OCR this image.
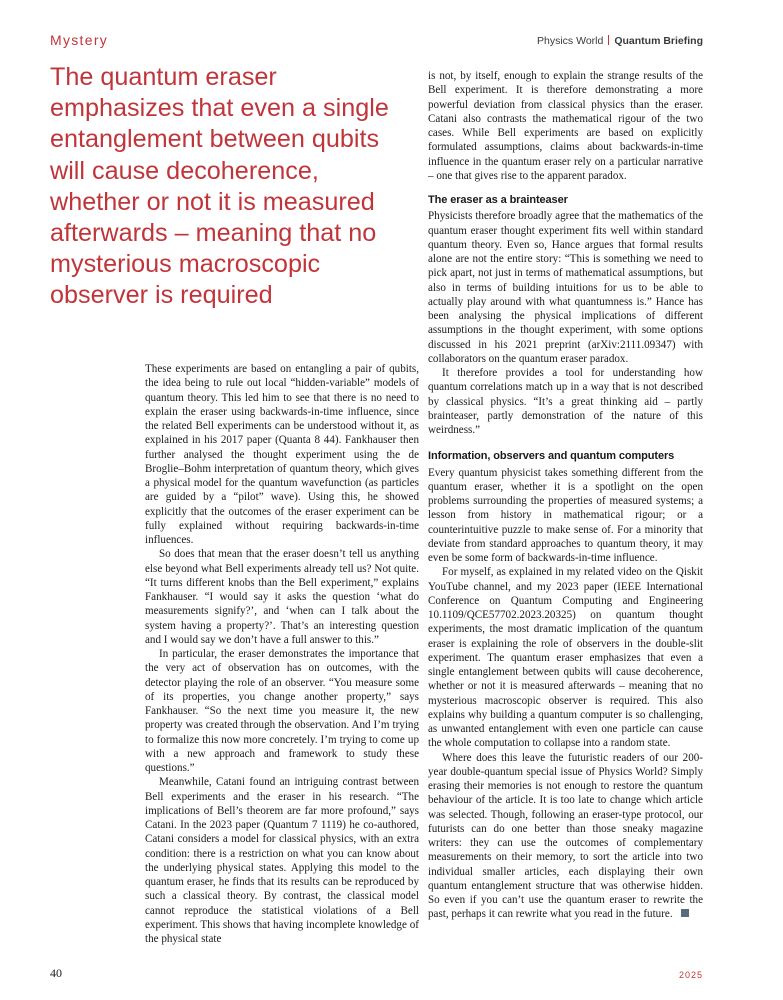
Mystery	Physics World Quantum Briefing
The quantum eraser emphasizes that even a single entanglement between qubits will cause decoherence, whether or not it is measured afterwards – meaning that no mysterious macroscopic observer is required

These experiments are based on entangling a pair of qubits, the idea being to rule out local “hidden-variable” models of quantum theory. This led him to see that there is no need to explain the eraser using backwards-in-time influence, since the related Bell experiments can be understood without it, as explained in his 2017 paper (Quanta 8 44). Fankhauser then further analysed the thought experiment using the de Broglie–Bohm interpretation of quantum theory, which gives a physical model for the quantum wavefunction (as particles are guided by a “pilot” wave). Using this, he showed explicitly that the outcomes of the eraser experiment can be fully explained without requiring backwards-in-time influences.

So does that mean that the eraser doesn’t tell us anything else beyond what Bell experiments already tell us? Not quite. “It turns different knobs than the Bell experiment,” explains Fankhauser. “I would say it asks the question ‘what do measurements signify?’, and ‘when can I talk about the system having a property?’. That’s an interesting question and I would say we don’t have a full answer to this.”

In particular, the eraser demonstrates the importance that the very act of observation has on outcomes, with the detector playing the role of an observer. “You measure some of its properties, you change another property,” says Fankhauser. “So the next time you measure it, the new property was created through the observation. And I’m trying to formalize this now more concretely. I’m trying to come up with a new approach and framework to study these questions.”

Meanwhile, Catani found an intriguing contrast between Bell experiments and the eraser in his research. “The implications of Bell’s theorem are far more profound,” says Catani. In the 2023 paper (Quantum 7 1119) he co-authored, Catani considers a model for classical physics, with an extra condition: there is a restriction on what you can know about the underlying physical states. Applying this model to the quantum eraser, he finds that its results can be reproduced by such a classical theory. By contrast, the classical model cannot reproduce the statistical violations of a Bell experiment. This shows that having incomplete knowledge of the physical state

is not, by itself, enough to explain the strange results of the Bell experiment. It is therefore demonstrating a more powerful deviation from classical physics than the eraser. Catani also contrasts the mathematical rigour of the two cases. While Bell experiments are based on explicitly formulated assumptions, claims about backwards-in-time influence in the quantum eraser rely on a particular narrative – one that gives rise to the apparent paradox.

The eraser as a brainteaser

Physicists therefore broadly agree that the mathematics of the quantum eraser thought experiment fits well within standard quantum theory. Even so, Hance argues that formal results alone are not the entire story: “This is something we need to pick apart, not just in terms of mathematical assumptions, but also in terms of building intuitions for us to be able to actually play around with what quantumness is.” Hance has been analysing the physical implications of different assumptions in the thought experiment, with some options discussed in his 2021 preprint (arXiv:2111.09347) with collaborators on the quantum eraser paradox.

It therefore provides a tool for understanding how quantum correlations match up in a way that is not described by classical physics. “It’s a great thinking aid – partly brainteaser, partly demonstration of the nature of this weirdness.”

Information, observers and quantum computers

Every quantum physicist takes something different from the quantum eraser, whether it is a spotlight on the open problems surrounding the properties of measured systems; a lesson from history in mathematical rigour; or a counterintuitive puzzle to make sense of. For a minority that deviate from standard approaches to quantum theory, it may even be some form of backwards-in-time influence.

For myself, as explained in my related video on the Qiskit YouTube channel, and my 2023 paper (IEEE International Conference on Quantum Computing and Engineering 10.1109/QCE57702.2023.20325) on quantum thought experiments, the most dramatic implication of the quantum eraser is explaining the role of observers in the double-slit experiment. The quantum eraser emphasizes that even a single entanglement between qubits will cause decoherence, whether or not it is measured afterwards – meaning that no mysterious macroscopic observer is required. This also explains why building a quantum computer is so challenging, as unwanted entanglement with even one particle can cause the whole computation to collapse into a random state.

Where does this leave the futuristic readers of our 200-year double-quantum special issue of Physics World? Simply erasing their memories is not enough to restore the quantum behaviour of the article. It is too late to change which article was selected. Though, following an eraser-type protocol, our futurists can do one better than those sneaky magazine writers: they can use the outcomes of complementary measurements on their memory, to sort the article into two individual smaller articles, each displaying their own quantum entanglement structure that was otherwise hidden. So even if you can’t use the quantum eraser to rewrite the past, perhaps it can rewrite what you read in the future.

40	2025
